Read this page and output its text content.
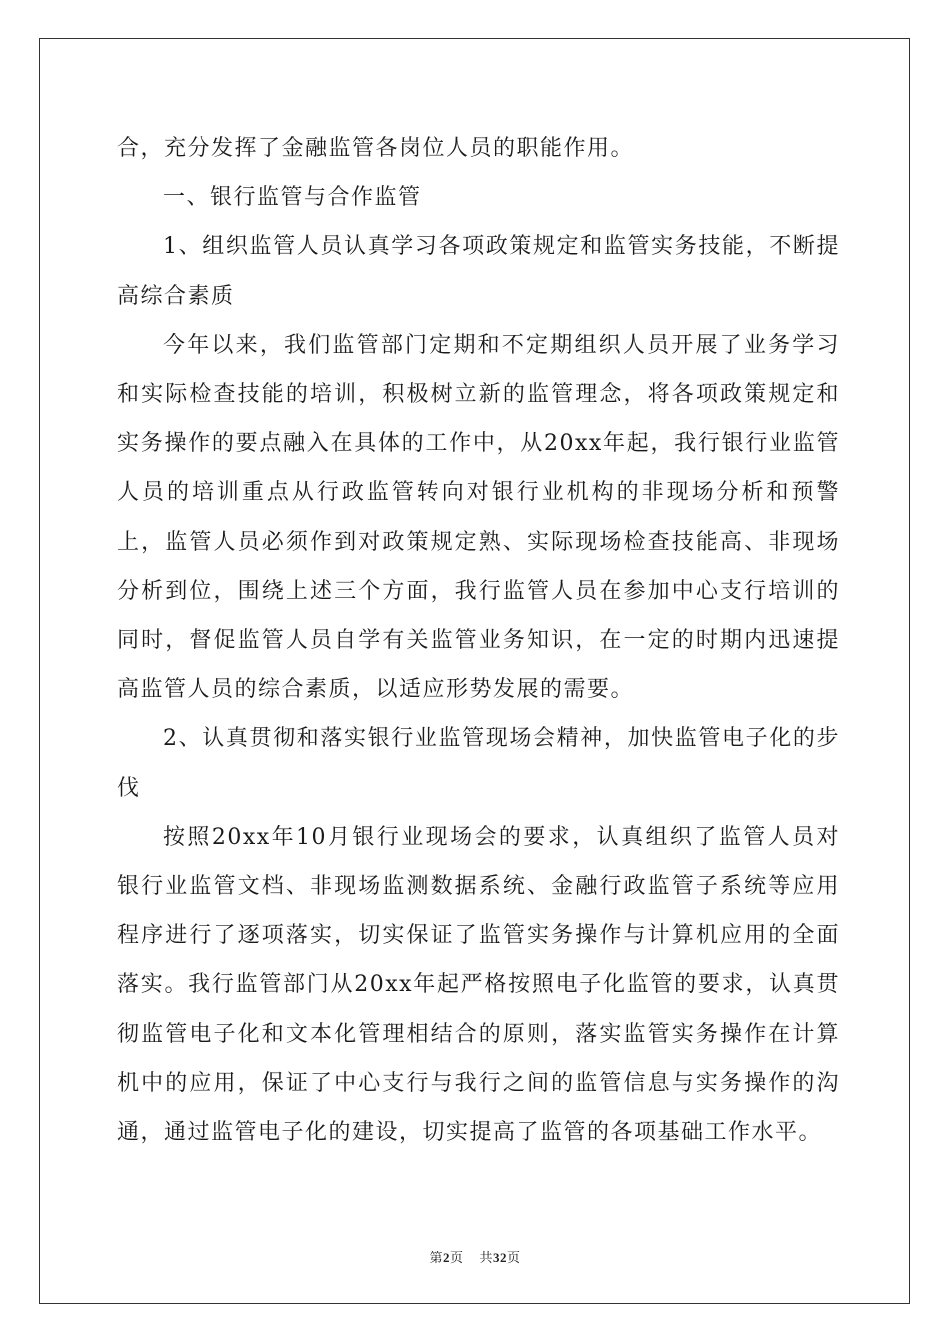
合，充分发挥了金融监管各岗位人员的职能作用。

一、银行监管与合作监管

1、组织监管人员认真学习各项政策规定和监管实务技能，不断提高综合素质

今年以来，我们监管部门定期和不定期组织人员开展了业务学习和实际检查技能的培训，积极树立新的监管理念，将各项政策规定和实务操作的要点融入在具体的工作中，从20xx年起，我行银行业监管人员的培训重点从行政监管转向对银行业机构的非现场分析和预警上，监管人员必须作到对政策规定熟、实际现场检查技能高、非现场分析到位，围绕上述三个方面，我行监管人员在参加中心支行培训的同时，督促监管人员自学有关监管业务知识，在一定的时期内迅速提高监管人员的综合素质，以适应形势发展的需要。

2、认真贯彻和落实银行业监管现场会精神，加快监管电子化的步伐

按照20xx年10月银行业现场会的要求，认真组织了监管人员对银行业监管文档、非现场监测数据系统、金融行政监管子系统等应用程序进行了逐项落实，切实保证了监管实务操作与计算机应用的全面落实。我行监管部门从20xx年起严格按照电子化监管的要求，认真贯彻监管电子化和文本化管理相结合的原则，落实监管实务操作在计算机中的应用，保证了中心支行与我行之间的监管信息与实务操作的沟通，通过监管电子化的建设，切实提高了监管的各项基础工作水平。

第2页 共32页
